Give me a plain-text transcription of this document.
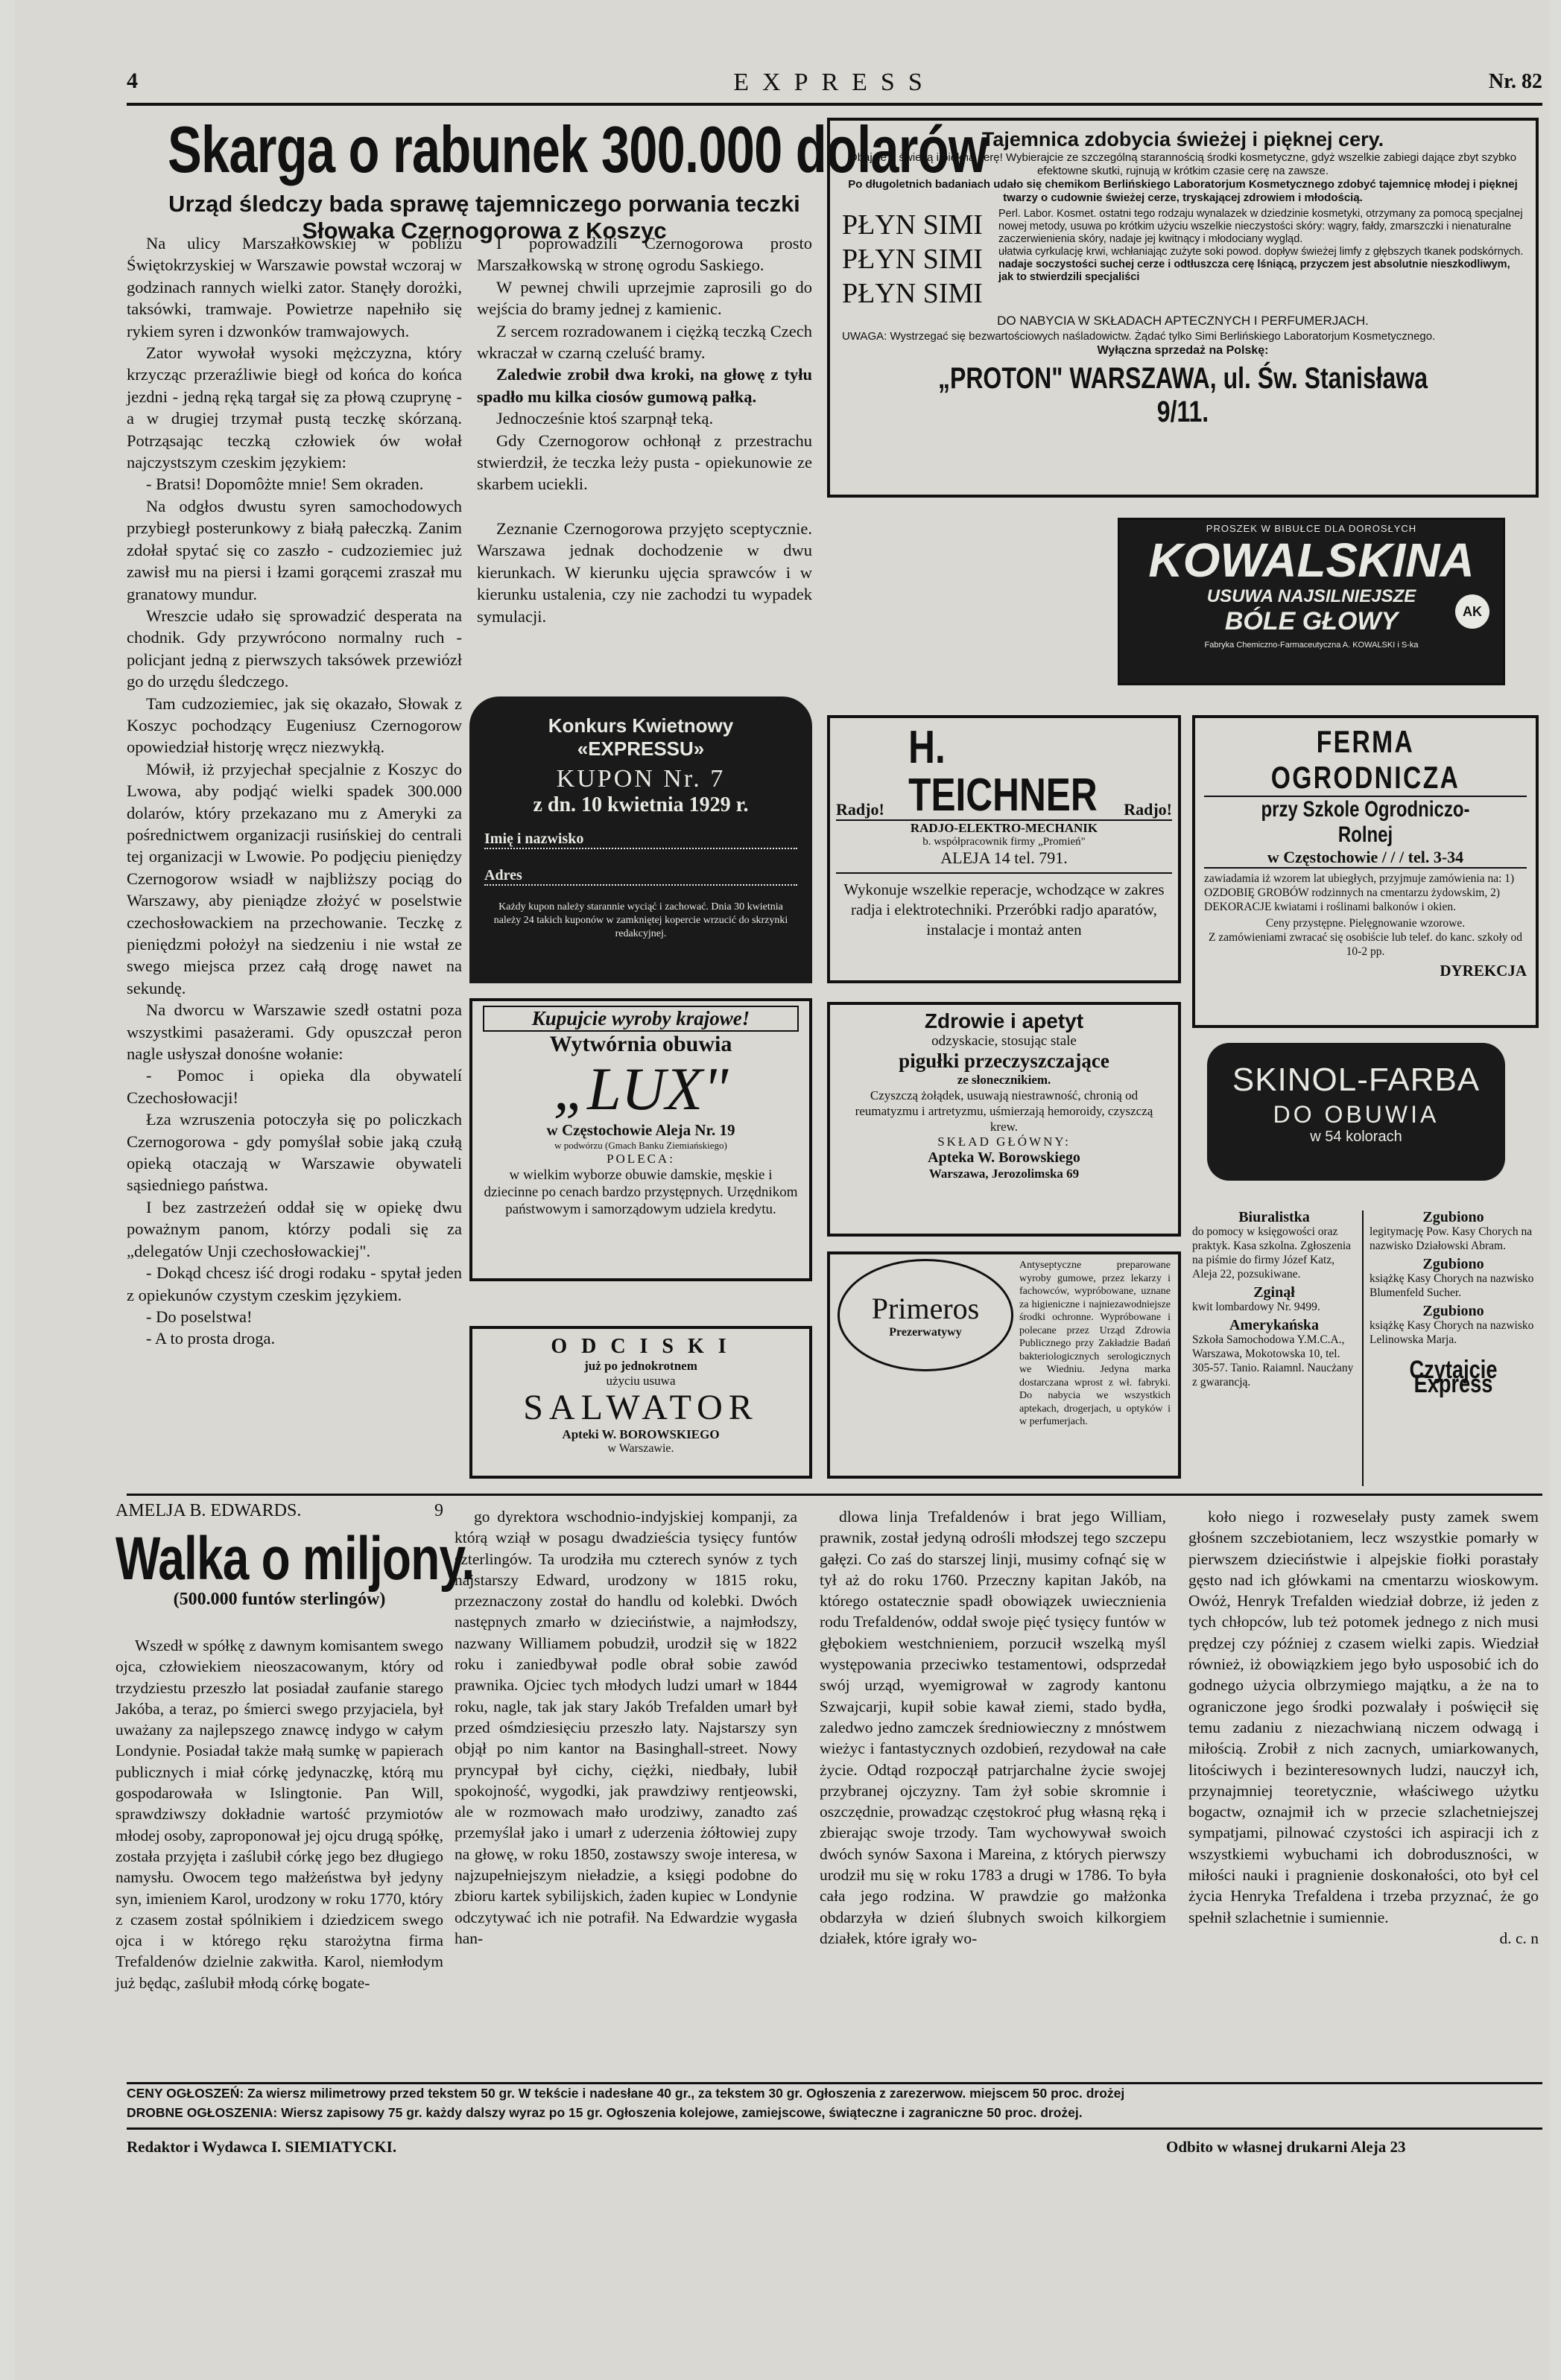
4	EXPRESS	Nr. 82
Skarga o rabunek 300.000 dolarów
Urząd śledczy bada sprawę tajemniczego porwania teczki Słowaka Czernogorowa z Koszyc

Na ulicy Marszałkowskiej w pobliżu Świętokrzyskiej w Warszawie powstał wczoraj w godzinach rannych wielki zator. Stanęły dorożki, taksówki, tramwaje. Powietrze napełniło się rykiem syren i dzwonków tramwajowych.

Zator wywołał wysoki mężczyzna, który krzycząc przeraźliwie biegł od końca do końca jezdni - jedną ręką targał się za płową czuprynę - a w drugiej trzymał pustą teczkę skórzaną. Potrząsając teczką człowiek ów wołał najczystszym czeskim językiem:

- Bratsi! Dopomôżte mnie! Sem okraden.

Na odgłos dwustu syren samochodowych przybiegł posterunkowy z białą pałeczką. Zanim zdołał spytać się co zaszło - cudzoziemiec już zawisł mu na piersi i łzami gorącemi zraszał mu granatowy mundur.

Wreszcie udało się sprowadzić desperata na chodnik. Gdy przywrócono normalny ruch - policjant jedną z pierwszych taksówek przewiózł go do urzędu śledczego.

Tam cudzoziemiec, jak się okazało, Słowak z Koszyc pochodzący Eugeniusz Czernogorow opowiedział historję wręcz niezwykłą.

Mówił, iż przyjechał specjalnie z Koszyc do Lwowa, aby podjąć wielki spadek 300.000 dolarów, który przekazano mu z Ameryki za pośrednictwem organizacji rusińskiej do centrali tej organizacji w Lwowie. Po podjęciu pieniędzy Czernogorow wsiadł w najbliższy pociąg do Warszawy, aby pieniądze złożyć w poselstwie czechosłowackiem na przechowanie. Teczkę z pieniędzmi położył na siedzeniu i nie wstał ze swego miejsca przez całą drogę nawet na sekundę.

Na dworcu w Warszawie szedł ostatni poza wszystkimi pasażerami. Gdy opuszczał peron nagle usłyszał donośne wołanie:

- Pomoc i opieka dla obywatelí Czechosłowacji!

Łza wzruszenia potoczyła się po policzkach Czernogorowa - gdy pomyślał sobie jaką czułą opieką otaczają w Warszawie obywateli sąsiedniego państwa.

I bez zastrzeżeń oddał się w opiekę dwu poważnym panom, którzy podali się za „delegatów Unji czechosłowackiej".

- Dokąd chcesz iść drogi rodaku - spytał jeden z opiekunów czystym czeskim językiem.

- Do poselstwa!

- A to prosta droga.

I poprowadzili Czernogorowa prosto Marszałkowską w stronę ogrodu Saskiego.

W pewnej chwili uprzejmie zaprosili go do wejścia do bramy jednej z kamienic.

Z sercem rozradowanem i ciężką teczką Czech wkraczał w czarną czeluść bramy.

Zaledwie zrobił dwa kroki, na głowę z tyłu spadło mu kilka ciosów gumową pałką.

Jednocześnie ktoś szarpnął teką.

Gdy Czernogorow ochłonął z przestrachu stwierdził, że teczka leży pusta - opiekunowie ze skarbem uciekli.

Zeznanie Czernogorowa przyjęto sceptycznie. Warszawa jednak dochodzenie w dwu kierunkach. W kierunku ujęcia sprawców i w kierunku ustalenia, czy nie zachodzi tu wypadek symulacji.

Tajemnica zdobycia świeżej i pięknej cery.
Dbajcie o świeżą i piękną cerę! Wybierajcie ze szczególną starannością środki kosmetyczne, gdyż wszelkie zabiegi dające zbyt szybko efektowne skutki, rujnują w krótkim czasie cerę na zawsze.
Po długoletnich badaniach udało się chemikom Berlińskiego Laboratorjum Kosmetycznego zdobyć tajemnicę młodej i pięknej twarzy o cudownie świeżej cerze, tryskającej zdrowiem i młodością.
PŁYN SIMI
PŁYN SIMI
PŁYN SIMI
Perl. Labor. Kosmet. ostatni tego rodzaju wynalazek w dziedzinie kosmetyki, otrzymany za pomocą specjalnej nowej metody, usuwa po krótkim użyciu wszelkie nieczystości skóry: wągry, fałdy, zmarszczki i nienaturalne zaczerwienienia skóry, nadaje jej kwitnący i młodociany wygląd.
ułatwia cyrkulację krwi, wchłaniając zużyte soki powod. dopływ świeżej limfy z głębszych tkanek podskórnych.
nadaje soczystości suchej cerze i odtłuszcza cerę lśniącą, przyczem jest absolutnie nieszkodliwym, jak to stwierdzili specjaliści
DO NABYCIA W SKŁADACH APTECZNYCH I PERFUMERJACH.
UWAGA: Wystrzegać się bezwartościowych naśladowictw. Żądać tylko Simi Berlińskiego Laboratorjum Kosmetycznego.
Wyłączna sprzedaż na Polskę:
„PROTON" WARSZAWA, ul. Św. Stanisława 9/11.
PROSZEK W BIBUŁCE DLA DOROSŁYCH
KOWALSKINA
USUWA NAJSILNIEJSZE
BÓLE GŁOWY
Fabryka Chemiczno-Farmaceutyczna A. KOWALSKI i S-ka
AK
Konkurs Kwietnowy «EXPRESSU»
KUPON Nr. 7
z dn. 10 kwietnia 1929 r.
Imię i nazwisko
Adres
Każdy kupon należy starannie wyciąć i zachować. Dnia 30 kwietnia należy 24 takich kuponów w zamkniętej kopercie wrzucić do skrzynki redakcyjnej.
Radjo!
H. TEICHNER	Radjo!
RADJO-ELEKTRO-MECHANIK
b. współpracownik firmy „Promień"
ALEJA 14 tel. 791.
Wykonuje wszelkie reperacje, wchodzące w zakres radja i elektrotechniki. Przeróbki radjo aparatów, instalacje i montaż anten
FERMA OGRODNICZA
przy Szkole Ogrodniczo-Rolnej
w Częstochowie / / / tel. 3-34
zawiadamia iż wzorem lat ubiegłych, przyjmuje zamówienia na: 1) OZDOBIĘ GROBÓW rodzinnych na cmentarzu żydowskim, 2) DEKORACJE kwiatami i roślinami balkonów i okien.
Ceny przystępne. Pielęgnowanie wzorowe.
Z zamówieniami zwracać się osobiście lub telef. do kanc. szkoły od 10-2 pp.
DYREKCJA
Kupujcie wyroby krajowe!
Wytwórnia obuwia
„LUX"
w Częstochowie Aleja Nr. 19
w podwórzu (Gmach Banku Ziemiańskiego)
POLECA:
w wielkim wyborze obuwie damskie, męskie i dziecinne po cenach bardzo przystępnych. Urzędnikom państwowym i samorządowym udziela kredytu.
Zdrowie i apetyt
odzyskacie, stosując stale
pigułki przeczyszczające
ze słonecznikiem.
Czyszczą żołądek, usuwają niestrawność, chronią od reumatyzmu i artretyzmu, uśmierzają hemoroidy, czyszczą krew.
SKŁAD GŁÓWNY:
Apteka W. Borowskiego
Warszawa, Jerozolimska 69
SKINOL-FARBA
DO OBUWIA
w 54 kolorach
Primeros
Prezerwatywy
Antyseptyczne preparowane wyroby gumowe, przez lekarzy i fachowców, wypróbowane, uznane za higieniczne i najniezawodniejsze środki ochronne. Wypróbowane i polecane przez Urząd Zdrowia Publicznego przy Zakładzie Badań bakteriologicznych serologicznych we Wiedniu. Jedyna marka dostarczana wprost z wł. fabryki. Do nabycia we wszystkich aptekach, drogerjach, u optyków i w perfumerjach.
O D C I S K I
już po jednokrotnem
użyciu usuwa
SALWATOR
Apteki W. BOROWSKIEGO
w Warszawie.
Biuralistka
do pomocy w księgowości oraz praktyk. Kasa szkolna. Zgłoszenia na piśmie do firmy Józef Katz, Aleja 22, pozsukiwane.
Zginął
kwit lombardowy Nr. 9499.
Amerykańska
Szkoła Samochodowa Y.M.C.A., Warszawa, Mokotowska 10, tel. 305-57. Tanio. Raiamnl. Naucżany z gwarancją.
Zgubiono
legitymację Pow. Kasy Chorych na nazwisko Działowski Abram.
Zgubiono
książkę Kasy Chorych na nazwisko Blumenfeld Sucher.
Zgubiono
książkę Kasy Chorych na nazwisko Lelinowska Marja.
Czytajcie Express
AMELJA B. EDWARDS.	9
Walka o miljony.
(500.000 funtów sterlingów)

Wszedł w spółkę z dawnym komisantem swego ojca, człowiekiem nieoszacowanym, który od trzydziestu przeszło lat posiadał zaufanie starego Jakóba, a teraz, po śmierci swego przyjaciela, był uważany za najlepszego znawcę indygo w całym Londynie. Posiadał także małą sumkę w papierach publicznych i miał córkę jedynaczkę, którą mu gospodarowała w Islingtonie. Pan Will, sprawdziwszy dokładnie wartość przymiotów młodej osoby, zaproponował jej ojcu drugą spółkę, została przyjęta i zaślubił córkę jego bez długiego namysłu. Owocem tego małżeństwa był jedyny syn, imieniem Karol, urodzony w roku 1770, który z czasem został spólnikiem i dziedzicem swego ojca i w którego ręku starożytna firma Trefaldenów dzielnie zakwitła. Karol, niemłodym już będąc, zaślubił młodą córkę bogate-

go dyrektora wschodnio-indyjskiej kompanji, za którą wziął w posagu dwadzieścia tysięcy funtów szterlingów. Ta urodziła mu czterech synów z tych najstarszy Edward, urodzony w 1815 roku, przeznaczony został do handlu od kolebki. Dwóch następnych zmarło w dzieciństwie, a najmłodszy, nazwany Williamem pobudził, urodził się w 1822 roku i zaniedbywał podle obrał sobie zawód prawnika. Ojciec tych młodych ludzi umarł w 1844 roku, nagle, tak jak stary Jakób Trefalden umarł był przed ośmdziesięciu przeszło laty. Najstarszy syn objął po nim kantor na Basinghall-street. Nowy pryncypał był cichy, ciężki, niedbały, lubił spokojność, wygodki, jak prawdziwy rentjeowski, ale w rozmowach mało urodziwy, zanadto zaś przemyślał jako i umarł z uderzenia żółtowiej zupy na głowę, w roku 1850, zostawszy swoje interesa, w najzupełniejszym nieładzie, a księgi podobne do zbioru kartek sybilijskich, żaden kupiec w Londynie odczytywać ich nie potrafił. Na Edwardzie wygasła han-

dlowa linja Trefaldenów i brat jego William, prawnik, został jedyną odrośli młodszej tego szczepu gałęzi. Co zaś do starszej linji, musimy cofnąć się w tył aż do roku 1760. Przeczny kapitan Jakób, na którego ostatecznie spadł obowiązek uwiecznienia rodu Trefaldenów, oddał swoje pięć tysięcy funtów w głębokiem westchnieniem, porzucił wszelką myśl występowania przeciwko testamentowi, odsprzedał swój urząd, wyemigrował w zagrody kantonu Szwajcarji, kupił sobie kawał ziemi, stado bydła, zaledwo jedno zamczek średniowieczny z mnóstwem wieżyc i fantastycznych ozdobień, rezydował na całe życie. Odtąd rozpoczął patrjarchalne życie swojej przybranej ojczyzny. Tam żył sobie skromnie i oszczędnie, prowadząc częstokroć pług własną ręką i zbierając swoje trzody. Tam wychowywał swoich dwóch synów Saxona i Mareinа, z których pierwszy urodził mu się w roku 1783 a drugi w 1786. To była cała jego rodzina. W prawdzie go małżonka obdarzyła w dzień ślubnych swoich kilkorgiem działek, które igrały wo-

koło niego i rozweselały pusty zamek swem głośnem szczebiotaniem, lecz wszystkie pomarły w pierwszem dzieciństwie i alpejskie fiołki porastały gęsto nad ich główkami na cmentarzu wioskowym. Owóż, Henryk Trefalden wiedział dobrze, iż jeden z tych chłopców, lub też potomek jednego z nich musi prędzej czy później z czasem wielki zapis. Wiedział również, iż obowiązkiem jego było usposobić ich do godnego użycia olbrzymiego majątku, a że na to ograniczone jego środki pozwalały i poświęcił się temu zadaniu z niezachwianą niczem odwagą i miłością. Zrobił z nich zacnych, umiarkowanych, litościwych i bezinteresownych ludzi, nauczył ich, przynajmniej teoretycznie, właściwego użytku bogactw, oznajmił ich w przecie szlachetniejszej sympatjami, pilnować czystości ich aspiracji ich z wszystkiemi wybuchami ich dobroduszności, w miłości nauki i pragnienie doskonałości, oto był cel życia Henryka Trefaldena i trzeba przyznać, że go spełnił szlachetnie i sumiennie.

d. c. n
CENY OGŁOSZEŃ: Za wiersz milimetrowy przed tekstem 50 gr. W tekście i nadesłane 40 gr., za tekstem 30 gr. Ogłoszenia z zarezerwow. miejscem 50 proc. drożej
DROBNE OGŁOSZENIA: Wiersz zapisowy 75 gr. każdy dalszy wyraz po 15 gr. Ogłoszenia kolejowe, zamiejscowe, świąteczne i zagraniczne 50 proc. drożej.
Redaktor i Wydawca I. SIEMIATYCKI.	Odbito w własnej drukarni Aleja 23
